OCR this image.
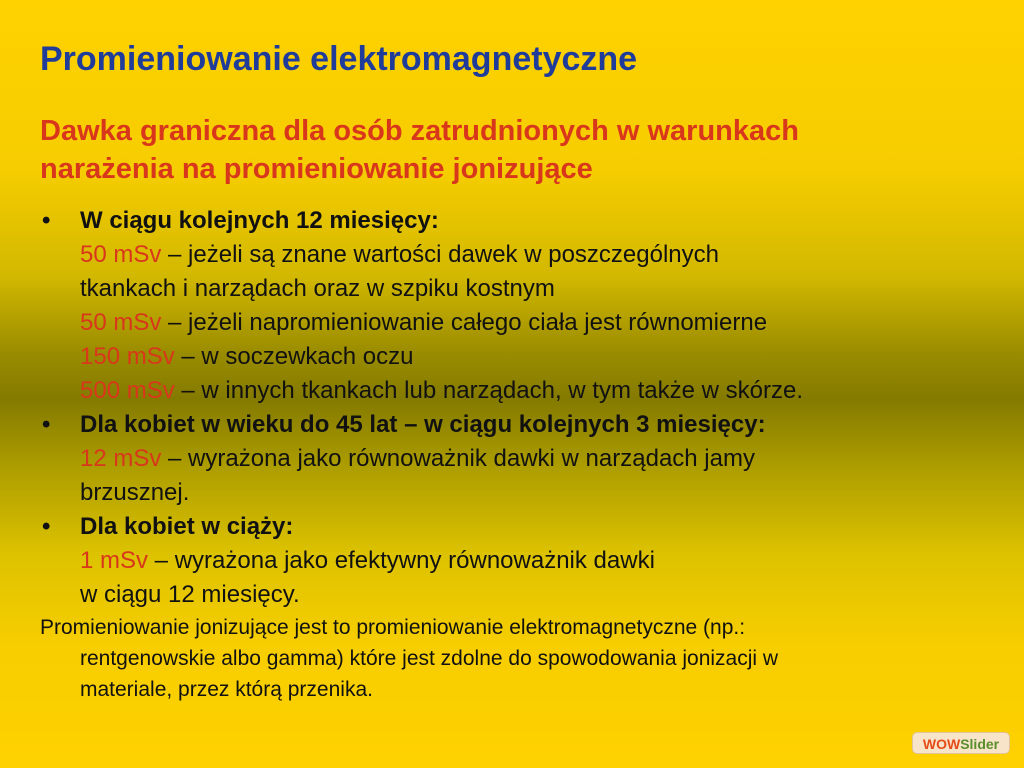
Promieniowanie elektromagnetyczne
Dawka graniczna dla osób zatrudnionych w warunkach
narażenia na promieniowanie jonizujące
• W ciągu kolejnych 12 miesięcy:
50 mSv – jeżeli są znane wartości dawek w poszczególnych
tkankach i narządach oraz w szpiku kostnym
50 mSv – jeżeli napromieniowanie całego ciała jest równomierne
150 mSv – w soczewkach oczu
500 mSv – w innych tkankach lub narządach, w tym także w skórze.
• Dla kobiet w wieku do 45 lat – w ciągu kolejnych 3 miesięcy:
12 mSv – wyrażona jako równoważnik dawki w narządach jamy
brzusznej.
• Dla kobiet w ciąży:
1 mSv – wyrażona jako efektywny równoważnik dawki
w ciągu 12 miesięcy.
Promieniowanie jonizujące jest to promieniowanie elektromagnetyczne (np.:
rentgenowskie albo gamma) które jest zdolne do spowodowania jonizacji w
materiale, przez którą przenika.
WOWSlider
